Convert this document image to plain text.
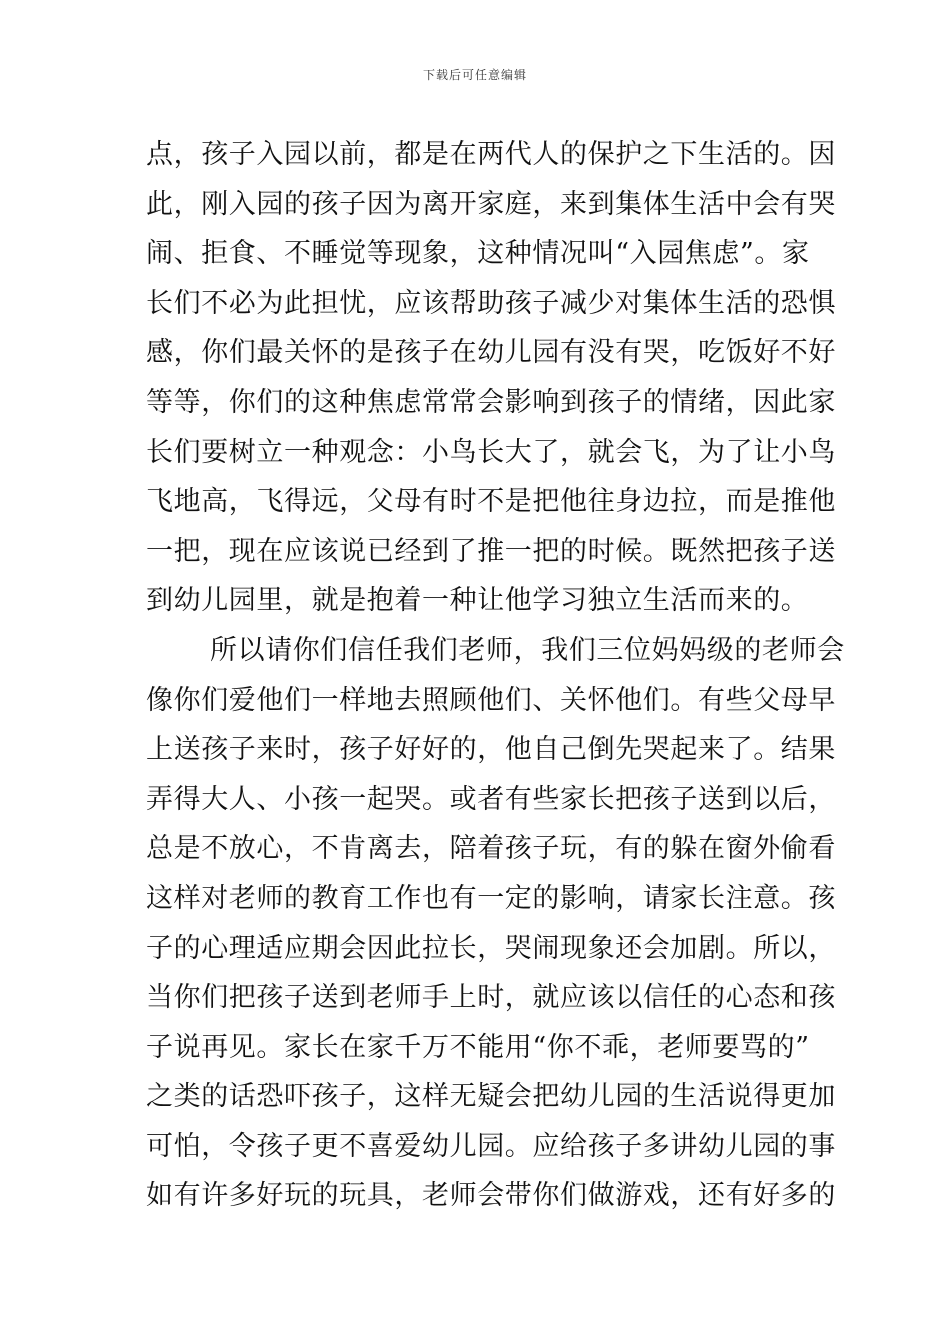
下载后可任意编辑
点，孩子入园以前，都是在两代人的保护之下生活的。因
此，刚入园的孩子因为离开家庭，来到集体生活中会有哭
闹、拒食、不睡觉等现象，这种情况叫“入园焦虑”。家
长们不必为此担忧，应该帮助孩子减少对集体生活的恐惧
感，你们最关怀的是孩子在幼儿园有没有哭，吃饭好不好
等等，你们的这种焦虑常常会影响到孩子的情绪，因此家
长们要树立一种观念：小鸟长大了，就会飞，为了让小鸟
飞地高，飞得远，父母有时不是把他往身边拉，而是推他
一把，现在应该说已经到了推一把的时候。既然把孩子送
到幼儿园里，就是抱着一种让他学习独立生活而来的。
所以请你们信任我们老师，我们三位妈妈级的老师会
像你们爱他们一样地去照顾他们、关怀他们。有些父母早
上送孩子来时，孩子好好的，他自己倒先哭起来了。结果
弄得大人、小孩一起哭。或者有些家长把孩子送到以后，
总是不放心，不肯离去，陪着孩子玩，有的躲在窗外偷看
这样对老师的教育工作也有一定的影响，请家长注意。孩
子的心理适应期会因此拉长，哭闹现象还会加剧。所以，
当你们把孩子送到老师手上时，就应该以信任的心态和孩
子说再见。家长在家千万不能用“你不乖，老师要骂的”
之类的话恐吓孩子，这样无疑会把幼儿园的生活说得更加
可怕，令孩子更不喜爱幼儿园。应给孩子多讲幼儿园的事
如有许多好玩的玩具，老师会带你们做游戏，还有好多的
